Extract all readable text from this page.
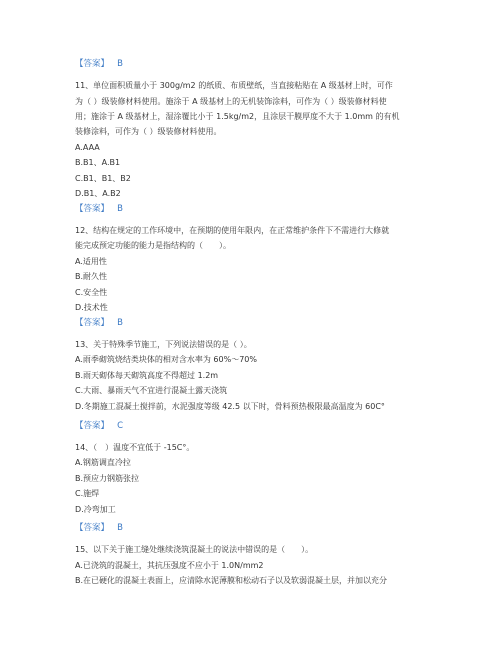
【答案】 B
11、单位面积质量小于 300g/m2 的纸质、布质壁纸，当直接粘贴在 A 级基材上时，可作
为（ ）级装修材料使用。施涂于 A 级基材上的无机装饰涂料，可作为（ ）级装修材料使
用；施涂于 A 级基材上，湿涂覆比小于 1.5kg/m2，且涂层干膜厚度不大于 1.0mm 的有机
装修涂料，可作为（ ）级装修材料使用。
A.AAA
B.B1、A.B1
C.B1、B1、B2
D.B1、A.B2
【答案】 B
12、结构在规定的工作环境中，在预期的使用年限内，在正常维护条件下不需进行大修就
能完成预定功能的能力是指结构的（　　）。
A.适用性
B.耐久性
C.安全性
D.技术性
【答案】 B
13、关于特殊季节施工，下列说法错误的是（ ）。
A.雨季砌筑烧结类块体的相对含水率为 60%～70%
B.雨天砌体每天砌筑高度不得超过 1.2m
C.大雨、暴雨天气不宜进行混凝土露天浇筑
D.冬期施工混凝土搅拌前，水泥强度等级 42.5 以下时，骨料预热极限最高温度为 60C°
【答案】 C
14、（　）温度不宜低于 -15C°。
A.钢筋调直冷拉
B.预应力钢筋张拉
C.施焊
D.冷弯加工
【答案】 B
15、以下关于施工缝处继续浇筑混凝土的说法中错误的是（　　）。
A.已浇筑的混凝土，其抗压强度不应小于 1.0N/mm2
B.在已硬化的混凝土表面上，应清除水泥薄膜和松动石子以及软弱混凝土层，并加以充分
